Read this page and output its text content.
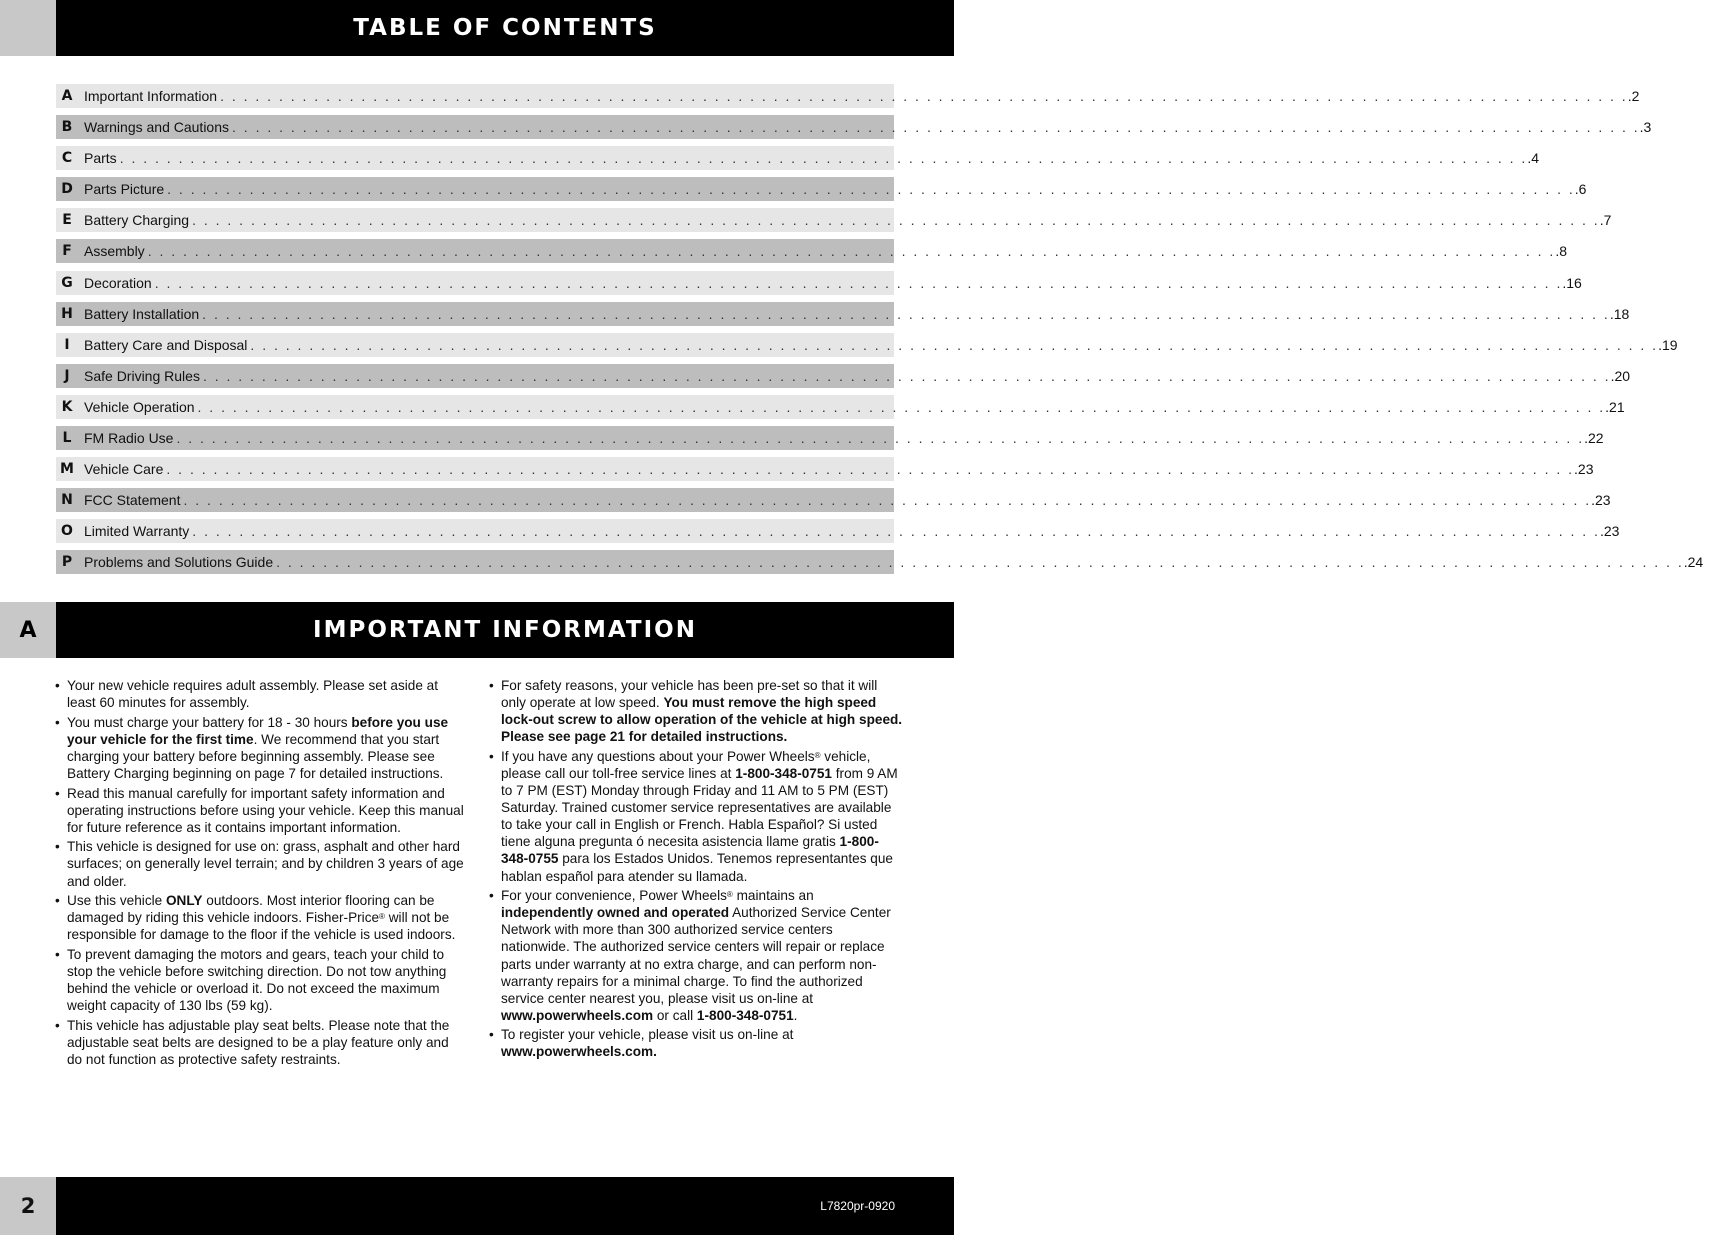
TABLE OF CONTENTS
A Important Information . . . . . . . . . . . . . . . . . . . . . . . . . . . . . . . . . . . . . . . . . . . . . . . . . . . . . . . . . . . . . . . . . . . . . . . . . . . . . . . . . . . . . . . . . . . . . . . . . . . . . . . . . . . . . . . . . . . . . . . . .2
B Warnings and Cautions . . . . . . . . . . . . . . . . . . . . . . . . . . . . . . . . . . . . . . . . . . . . . . . . . . . . . . . . . . . . . . . . . . . . . . . . . . . . . . . . . . . . . . . . . . . . . . . . . . . . . . . . . . . . . . . . . . . . . . . . .3
C Parts . . . . . . . . . . . . . . . . . . . . . . . . . . . . . . . . . . . . . . . . . . . . . . . . . . . . . . . . . . . . . . . . . . . . . . . . . . . . . . . . . . . . . . . . . . . . . . . . . . . . . . . . . . . . . . . . . . . . . . . . .4
D Parts Picture . . . . . . . . . . . . . . . . . . . . . . . . . . . . . . . . . . . . . . . . . . . . . . . . . . . . . . . . . . . . . . . . . . . . . . . . . . . . . . . . . . . . . . . . . . . . . . . . . . . . . . . . . . . . . . . . . . . . . . . . .6
E Battery Charging . . . . . . . . . . . . . . . . . . . . . . . . . . . . . . . . . . . . . . . . . . . . . . . . . . . . . . . . . . . . . . . . . . . . . . . . . . . . . . . . . . . . . . . . . . . . . . . . . . . . . . . . . . . . . . . . . . . . . . . . .7
F Assembly . . . . . . . . . . . . . . . . . . . . . . . . . . . . . . . . . . . . . . . . . . . . . . . . . . . . . . . . . . . . . . . . . . . . . . . . . . . . . . . . . . . . . . . . . . . . . . . . . . . . . . . . . . . . . . . . . . . . . . . . .8
G Decoration . . . . . . . . . . . . . . . . . . . . . . . . . . . . . . . . . . . . . . . . . . . . . . . . . . . . . . . . . . . . . . . . . . . . . . . . . . . . . . . . . . . . . . . . . . . . . . . . . . . . . . . . . . . . . . . . . . . . . . . . .16
H Battery Installation . . . . . . . . . . . . . . . . . . . . . . . . . . . . . . . . . . . . . . . . . . . . . . . . . . . . . . . . . . . . . . . . . . . . . . . . . . . . . . . . . . . . . . . . . . . . . . . . . . . . . . . . . . . . . . . . . . . . . . . . .18
I	Battery Care and Disposal . . . . . . . . . . . . . . . . . . . . . . . . . . . . . . . . . . . . . . . . . . . . . . . . . . . . . . . . . . . . . . . . . . . . . . . . . . . . . . . . . . . . . . . . . . . . . . . . . . . . . . . . . . . . . . . . . . . . . . . . .19
J	Safe Driving Rules . . . . . . . . . . . . . . . . . . . . . . . . . . . . . . . . . . . . . . . . . . . . . . . . . . . . . . . . . . . . . . . . . . . . . . . . . . . . . . . . . . . . . . . . . . . . . . . . . . . . . . . . . . . . . . . . . . . . . . . . .20
K Vehicle Operation . . . . . . . . . . . . . . . . . . . . . . . . . . . . . . . . . . . . . . . . . . . . . . . . . . . . . . . . . . . . . . . . . . . . . . . . . . . . . . . . . . . . . . . . . . . . . . . . . . . . . . . . . . . . . . . . . . . . . . . . .21
L FM Radio Use . . . . . . . . . . . . . . . . . . . . . . . . . . . . . . . . . . . . . . . . . . . . . . . . . . . . . . . . . . . . . . . . . . . . . . . . . . . . . . . . . . . . . . . . . . . . . . . . . . . . . . . . . . . . . . . . . . . . . . . . .22
M Vehicle Care . . . . . . . . . . . . . . . . . . . . . . . . . . . . . . . . . . . . . . . . . . . . . . . . . . . . . . . . . . . . . . . . . . . . . . . . . . . . . . . . . . . . . . . . . . . . . . . . . . . . . . . . . . . . . . . . . . . . . . . . .23
N FCC Statement . . . . . . . . . . . . . . . . . . . . . . . . . . . . . . . . . . . . . . . . . . . . . . . . . . . . . . . . . . . . . . . . . . . . . . . . . . . . . . . . . . . . . . . . . . . . . . . . . . . . . . . . . . . . . . . . . . . . . . . . .23
O Limited Warranty . . . . . . . . . . . . . . . . . . . . . . . . . . . . . . . . . . . . . . . . . . . . . . . . . . . . . . . . . . . . . . . . . . . . . . . . . . . . . . . . . . . . . . . . . . . . . . . . . . . . . . . . . . . . . . . . . . . . . . . . .23
P Problems and Solutions Guide . . . . . . . . . . . . . . . . . . . . . . . . . . . . . . . . . . . . . . . . . . . . . . . . . . . . . . . . . . . . . . . . . . . . . . . . . . . . . . . . . . . . . . . . . . . . . . . . . . . . . . . . . . . . . . . . . . . . . . . . .24
A	IMPORTANT INFORMATION
• Your new vehicle requires adult assembly. Please set aside at least 60 minutes for assembly.
• You must charge your battery for 18 - 30 hours before you use your vehicle for the first time. We recommend that you start charging your battery before beginning assembly. Please see Battery Charging beginning on page 7 for detailed instructions.
• Read this manual carefully for important safety information and operating instructions before using your vehicle. Keep this manual for future reference as it contains important information.
• This vehicle is designed for use on: grass, asphalt and other hard surfaces; on generally level terrain; and by children 3 years of age and older.
• Use this vehicle ONLY outdoors. Most interior flooring can be damaged by riding this vehicle indoors. Fisher-Price® will not be responsible for damage to the floor if the vehicle is used indoors.
• To prevent damaging the motors and gears, teach your child to stop the vehicle before switching direction. Do not tow anything behind the vehicle or overload it. Do not exceed the maximum weight capacity of 130 lbs (59 kg).
• This vehicle has adjustable play seat belts. Please note that the adjustable seat belts are designed to be a play feature only and do not function as protective safety restraints.
• For safety reasons, your vehicle has been pre-set so that it will only operate at low speed. You must remove the high speed lock-out screw to allow operation of the vehicle at high speed. Please see page 21 for detailed instructions.
• If you have any questions about your Power Wheels® vehicle, please call our toll-free service lines at 1-800-348-0751 from 9 AM to 7 PM (EST) Monday through Friday and 11 AM to 5 PM (EST) Saturday. Trained customer service representatives are available to take your call in English or French. Habla Español? Si usted tiene alguna pregunta ó necesita asistencia llame gratis 1-800-348-0755 para los Estados Unidos. Tenemos representantes que hablan español para atender su llamada.
• For your convenience, Power Wheels® maintains an independently owned and operated Authorized Service Center Network with more than 300 authorized service centers nationwide. The authorized service centers will repair or replace parts under warranty at no extra charge, and can perform non-warranty repairs for a minimal charge. To find the authorized service center nearest you, please visit us on-line at www.powerwheels.com or call 1-800-348-0751.
• To register your vehicle, please visit us on-line at www.powerwheels.com.
2	L7820pr-0920
